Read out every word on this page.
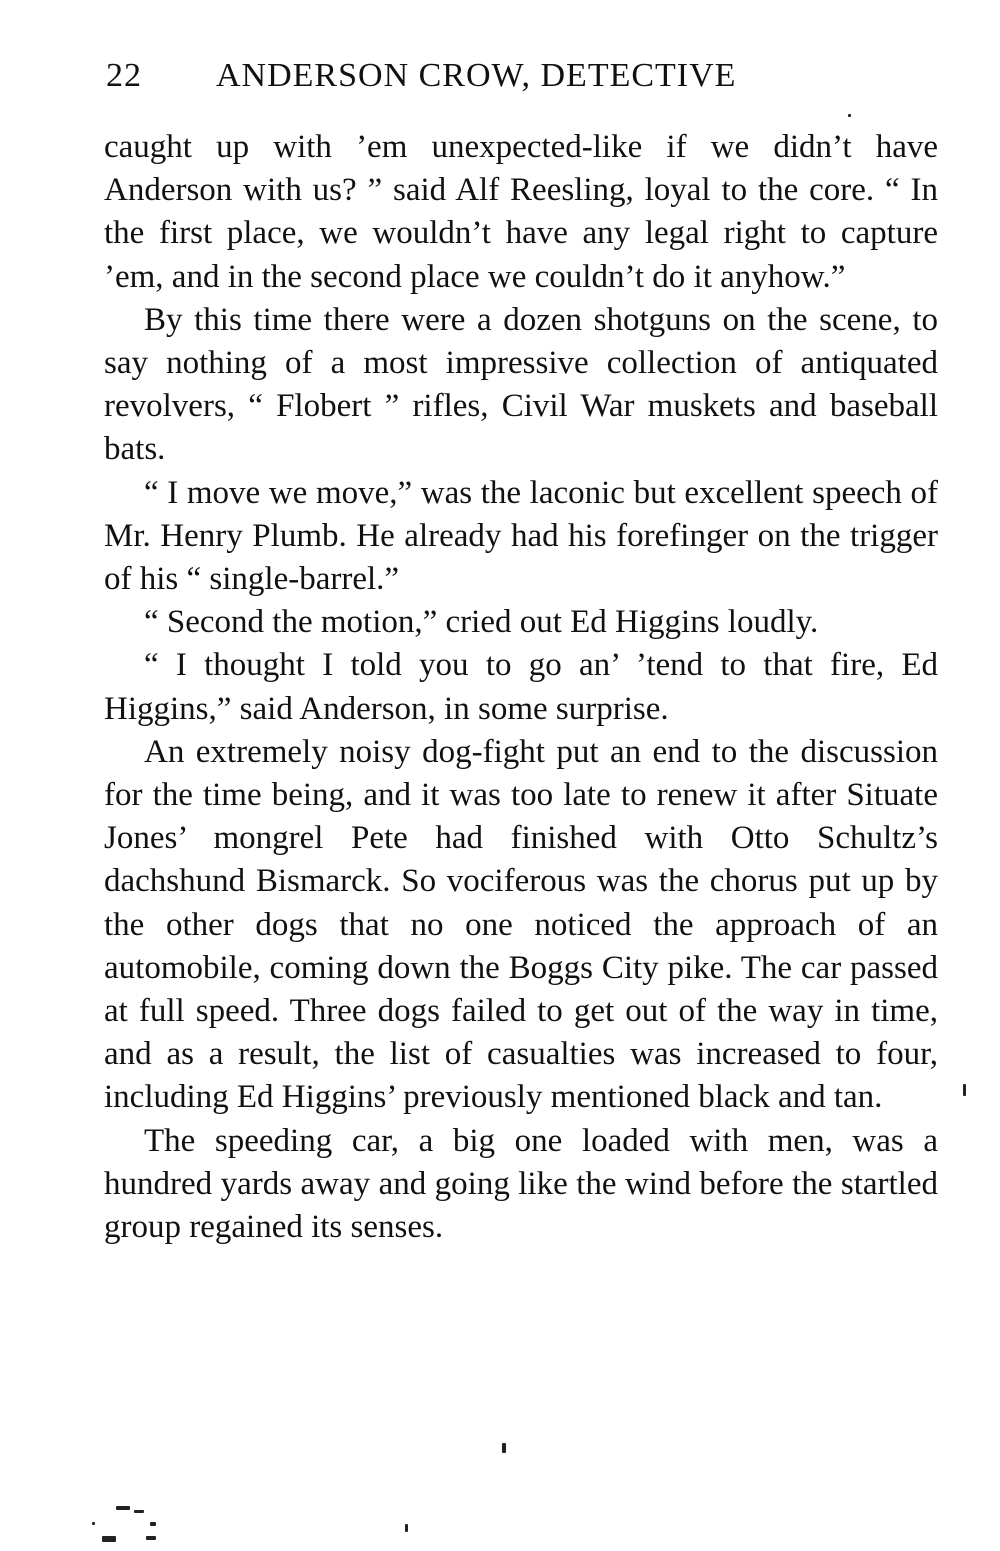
22 ANDERSON CROW, DETECTIVE

caught up with ’em unexpected-like if we didn’t have Anderson with us? ” said Alf Reesling, loyal to the core. “ In the first place, we wouldn’t have any legal right to capture ’em, and in the second place we couldn’t do it anyhow.”

By this time there were a dozen shotguns on the scene, to say nothing of a most impressive collection of antiquated revolvers, “ Flobert ” rifles, Civil War muskets and baseball bats.

“ I move we move,” was the laconic but excellent speech of Mr. Henry Plumb. He already had his forefinger on the trigger of his “ single-barrel.”

“ Second the motion,” cried out Ed Higgins loudly.

“ I thought I told you to go an’ ’tend to that fire, Ed Higgins,” said Anderson, in some surprise.

An extremely noisy dog-fight put an end to the discussion for the time being, and it was too late to renew it after Situate Jones’ mongrel Pete had finished with Otto Schultz’s dachshund Bismarck. So vociferous was the chorus put up by the other dogs that no one noticed the approach of an automobile, coming down the Boggs City pike. The car passed at full speed. Three dogs failed to get out of the way in time, and as a result, the list of casualties was increased to four, including Ed Higgins’ previously mentioned black and tan.

The speeding car, a big one loaded with men, was a hundred yards away and going like the wind before the startled group regained its senses.
